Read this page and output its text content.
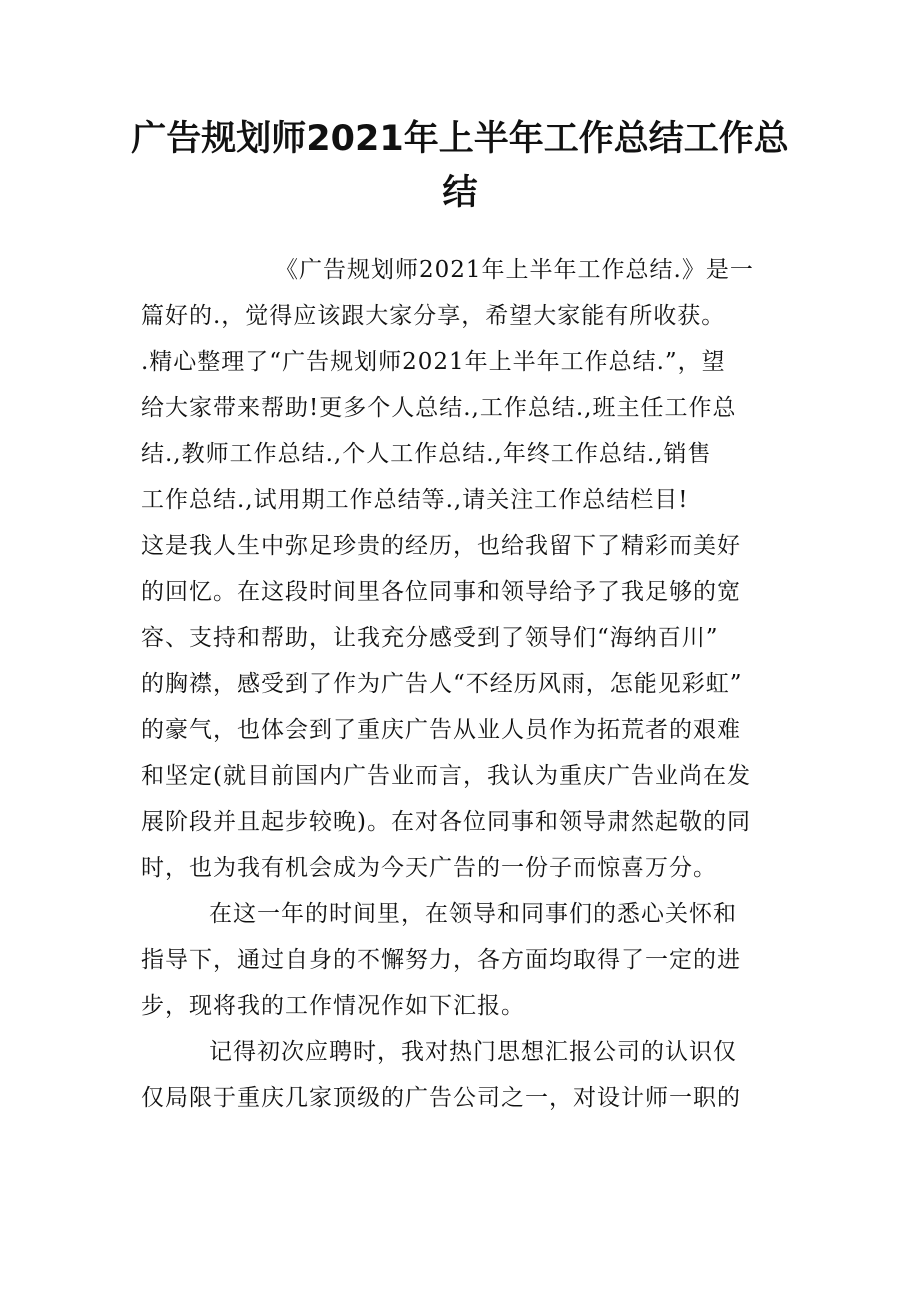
广告规划师2021年上半年工作总结工作总
结

《广告规划师2021年上半年工作总结.》是一

篇好的.，觉得应该跟大家分享，希望大家能有所收获。

.精心整理了“广告规划师2021年上半年工作总结.”，望

给大家带来帮助!更多个人总结.,工作总结.,班主任工作总

结.,教师工作总结.,个人工作总结.,年终工作总结.,销售

工作总结.,试用期工作总结等.,请关注工作总结栏目!

这是我人生中弥足珍贵的经历，也给我留下了精彩而美好

的回忆。在这段时间里各位同事和领导给予了我足够的宽

容、支持和帮助，让我充分感受到了领导们“海纳百川”

的胸襟，感受到了作为广告人“不经历风雨，怎能见彩虹”

的豪气，也体会到了重庆广告从业人员作为拓荒者的艰难

和坚定(就目前国内广告业而言，我认为重庆广告业尚在发

展阶段并且起步较晚)。在对各位同事和领导肃然起敬的同

时，也为我有机会成为今天广告的一份子而惊喜万分。

在这一年的时间里，在领导和同事们的悉心关怀和

指导下，通过自身的不懈努力，各方面均取得了一定的进

步，现将我的工作情况作如下汇报。

记得初次应聘时，我对热门思想汇报公司的认识仅

仅局限于重庆几家顶级的广告公司之一，对设计师一职的
